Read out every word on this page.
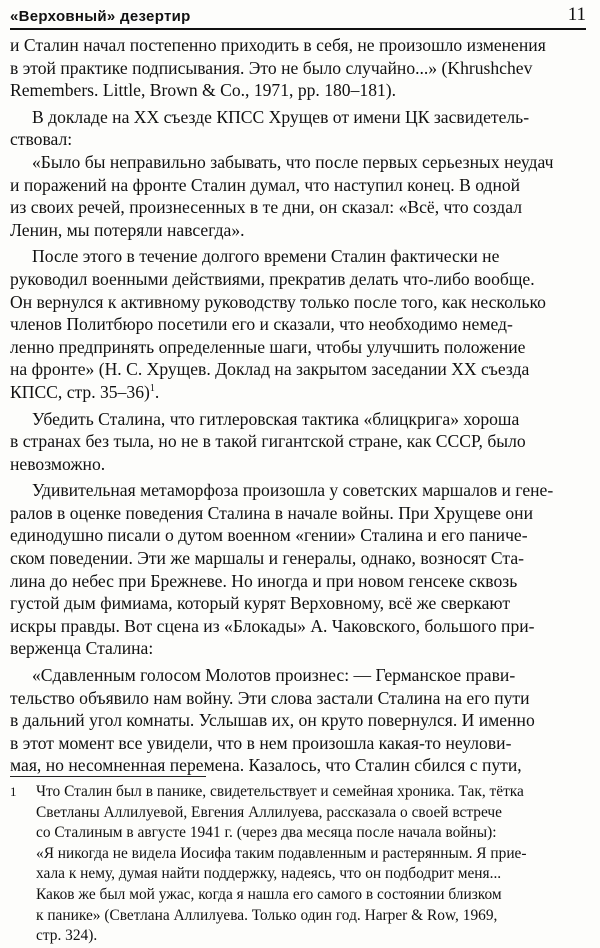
«Верховный» дезертир	11

и Сталин начал постепенно приходить в себя, не произошло изменения
в этой практике подписывания. Это не было случайно...» (Khrushchev
Remembers. Little, Brown & Co., 1971, pp. 180–181).

В докладе на XX съезде КПСС Хрущев от имени ЦК засвидетель-
ствовал:

«Было бы неправильно забывать, что после первых серьезных неудач
и поражений на фронте Сталин думал, что наступил конец. В одной
из своих речей, произнесенных в те дни, он сказал: «Всё, что создал
Ленин, мы потеряли навсегда».

После этого в течение долгого времени Сталин фактически не
руководил военными действиями, прекратив делать что-либо вообще.
Он вернулся к активному руководству только после того, как несколько
членов Политбюро посетили его и сказали, что необходимо немед-
ленно предпринять определенные шаги, чтобы улучшить положение
на фронте» (Н. С. Хрущев. Доклад на закрытом заседании XX съезда
КПСС, стр. 35–36)$^1$.

Убедить Сталина, что гитлеровская тактика «блицкрига» хороша
в странах без тыла, но не в такой гигантской стране, как СССР, было
невозможно.

Удивительная метаморфоза произошла у советских маршалов и гене-
ралов в оценке поведения Сталина в начале войны. При Хрущеве они
единодушно писали о дутом военном «гении» Сталина и его паниче-
ском поведении. Эти же маршалы и генералы, однако, возносят Ста-
лина до небес при Брежневе. Но иногда и при новом генсеке сквозь
густой дым фимиама, который курят Верховному, всё же сверкают
искры правды. Вот сцена из «Блокады» А. Чаковского, большого при-
верженца Сталина:

«Сдавленным голосом Молотов произнес: — Германское прави-
тельство объявило нам войну. Эти слова застали Сталина на его пути
в дальний угол комнаты. Услышав их, он круто повернулся. И именно
в этот момент все увидели, что в нем произошла какая-то неулови-
мая, но несомненная перемена. Казалось, что Сталин сбился с пути,

1	Что Сталин был в панике, свидетельствует и семейная хроника. Так, тётка
Светланы Аллилуевой, Евгения Аллилуева, рассказала о своей встрече
со Сталиным в августе 1941 г. (через два месяца после начала войны):
«Я никогда не видела Иосифа таким подавленным и растерянным. Я прие-
хала к нему, думая найти поддержку, надеясь, что он подбодрит меня...
Каков же был мой ужас, когда я нашла его самого в состоянии близком
к панике» (Светлана Аллилуева. Только один год. Harper & Row, 1969,
стр. 324).
